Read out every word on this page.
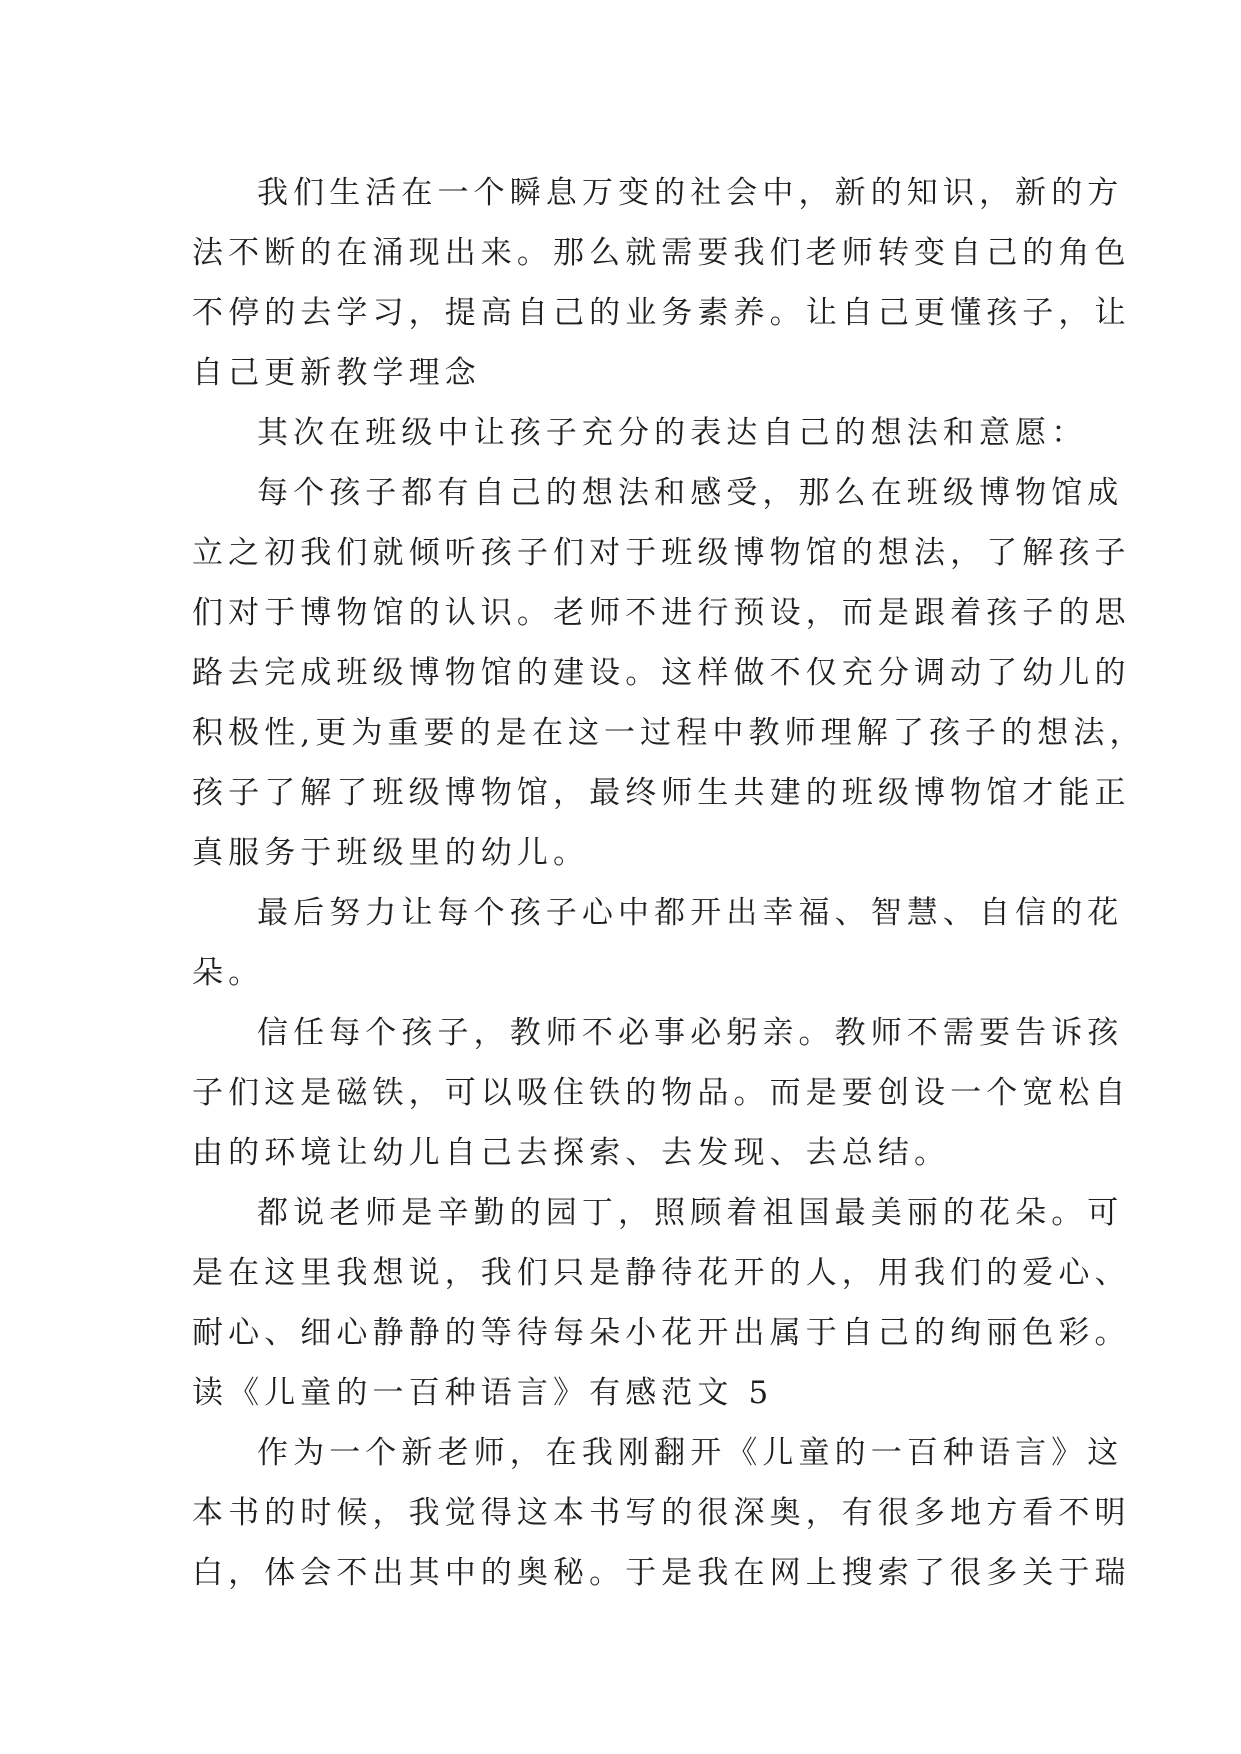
我们生活在一个瞬息万变的社会中，新的知识，新的方
法不断的在涌现出来。那么就需要我们老师转变自己的角色
不停的去学习，提高自己的业务素养。让自己更懂孩子，让
自己更新教学理念
其次在班级中让孩子充分的表达自己的想法和意愿：
每个孩子都有自己的想法和感受，那么在班级博物馆成
立之初我们就倾听孩子们对于班级博物馆的想法，了解孩子
们对于博物馆的认识。老师不进行预设，而是跟着孩子的思
路去完成班级博物馆的建设。这样做不仅充分调动了幼儿的
积极性,更为重要的是在这一过程中教师理解了孩子的想法，
孩子了解了班级博物馆，最终师生共建的班级博物馆才能正
真服务于班级里的幼儿。
最后努力让每个孩子心中都开出幸福、智慧、自信的花
朵。
信任每个孩子，教师不必事必躬亲。教师不需要告诉孩
子们这是磁铁，可以吸住铁的物品。而是要创设一个宽松自
由的环境让幼儿自己去探索、去发现、去总结。
都说老师是辛勤的园丁，照顾着祖国最美丽的花朵。可
是在这里我想说，我们只是静待花开的人，用我们的爱心、
耐心、细心静静的等待每朵小花开出属于自己的绚丽色彩。
读《儿童的一百种语言》有感范文 5
作为一个新老师，在我刚翻开《儿童的一百种语言》这
本书的时候，我觉得这本书写的很深奥，有很多地方看不明
白，体会不出其中的奥秘。于是我在网上搜索了很多关于瑞
